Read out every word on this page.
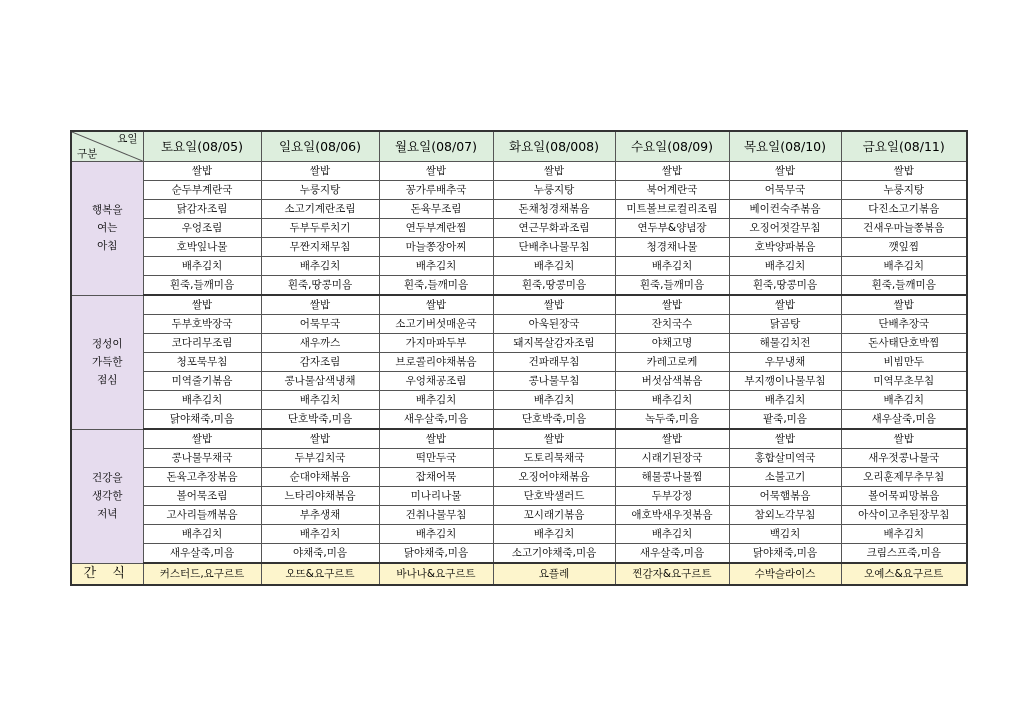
요일
구분	토요일(08/05)	일요일(08/06)	월요일(08/07)	화요일(08/008)	수요일(08/09)	목요일(08/10)	금요일(08/11)

행복을
여는
아침	쌀밥	쌀밥	쌀밥	쌀밥	쌀밥	쌀밥	쌀밥
	순두부계란국	누룽지탕	꽁가루배추국	누룽지탕	북어계란국	어묵무국	누룽지탕
	닭감자조림	소고기계란조림	돈육무조림	돈채청경채볶음	미트볼브로컬리조림	베이컨숙주볶음	다진소고기볶음
	우엉조림	두부두루치기	연두부계란찜	연근무화과조림	연두부&양념장	오징어젓갈무침	건새우마늘쫑볶음
	호박잎나물	무짠지채무침	마늘쫑장아찌	단배추나물무침	청경채나물	호박양파볶음	깻잎찜
	배추김치	배추김치	배추김치	배추김치	배추김치	배추김치	배추김치
	흰죽,들깨미음	흰죽,땅콩미음	흰죽,들깨미음	흰죽,땅콩미음	흰죽,들깨미음	흰죽,땅콩미음	흰죽,들깨미음

정성이
가득한
점심	쌀밥	쌀밥	쌀밥	쌀밥	쌀밥	쌀밥	쌀밥
	두부호박장국	어묵무국	소고기버섯매운국	아욱된장국	잔치국수	닭곰탕	단배추장국
	코다리무조림	새우까스	가지마파두부	돼지목살감자조림	야채고명	해물김치전	돈사태단호박찜
	청포묵무침	감자조림	브로콜리야채볶음	건파래무침	카레고로케	우무냉채	비빔만두
	미역줄기볶음	콩나물삼색냉채	우엉채공조림	콩나물무침	버섯삼색볶음	부지깽이나물무침	미역무초무침
	배추김치	배추김치	배추김치	배추김치	배추김치	배추김치	배추김치
	닭야채죽,미음	단호박죽,미음	새우살죽,미음	단호박죽,미음	녹두죽,미음	팥죽,미음	새우살죽,미음

건강을
생각한
저녁	쌀밥	쌀밥	쌀밥	쌀밥	쌀밥	쌀밥	쌀밥
	콩나물무채국	두부김치국	떡만두국	도토리묵채국	시래기된장국	홍합살미역국	새우젓콩나물국
	돈육고추장볶음	순대야채볶음	잡채어묵	오징어야채볶음	해물콩나물찜	소불고기	오리훈제무추무침
	볼어묵조림	느타리야채볶음	미나리나물	단호박샐러드	두부강정	어묵햄볶음	볼어묵피망볶음
	고사리들깨볶음	부추생채	건취나물무침	꼬시래기볶음	애호박새우젓볶음	참외노각무침	아삭이고추된장무침
	배추김치	배추김치	배추김치	배추김치	배추김치	백김치	배추김치
	새우살죽,미음	야채죽,미음	닭야채죽,미음	소고기야채죽,미음	새우살죽,미음	닭야채죽,미음	크림스프죽,미음
간 식	커스터드,요구르트	오뜨&요구르트	바나나&요구르트	요플레	찐감자&요구르트	수박슬라이스	오예스&요구르트
